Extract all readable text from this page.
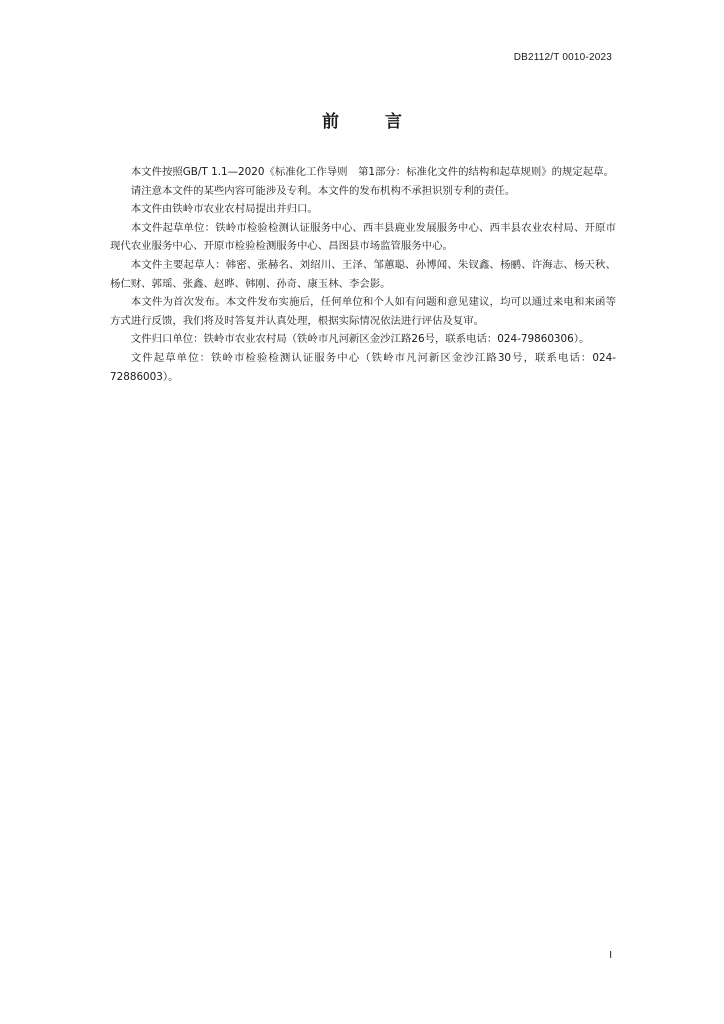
DB2112/T 0010-2023
前	言

本文件按照GB/T 1.1—2020《标准化工作导则　第1部分：标准化文件的结构和起草规则》的规定起草。

请注意本文件的某些内容可能涉及专利。本文件的发布机构不承担识别专利的责任。

本文件由铁岭市农业农村局提出并归口。

本文件起草单位：铁岭市检验检测认证服务中心、西丰县鹿业发展服务中心、西丰县农业农村局、开原市现代农业服务中心、开原市检验检测服务中心、昌图县市场监管服务中心。

本文件主要起草人：韩密、张赫名、刘绍川、王泽、邹蕙聪、孙博闻、朱钗鑫、杨鹂、许海志、杨天秋、杨仁财、郭瑶、张鑫、赵晔、韩刚、孙奇、康玉林、李会影。

本文件为首次发布。本文件发布实施后，任何单位和个人如有问题和意见建议，均可以通过来电和来函等方式进行反馈，我们将及时答复并认真处理，根据实际情况依法进行评估及复审。

文件归口单位：铁岭市农业农村局（铁岭市凡河新区金沙江路26号，联系电话：024-79860306）。

文件起草单位：铁岭市检验检测认证服务中心（铁岭市凡河新区金沙江路30号，联系电话：024-72886003）。

I
